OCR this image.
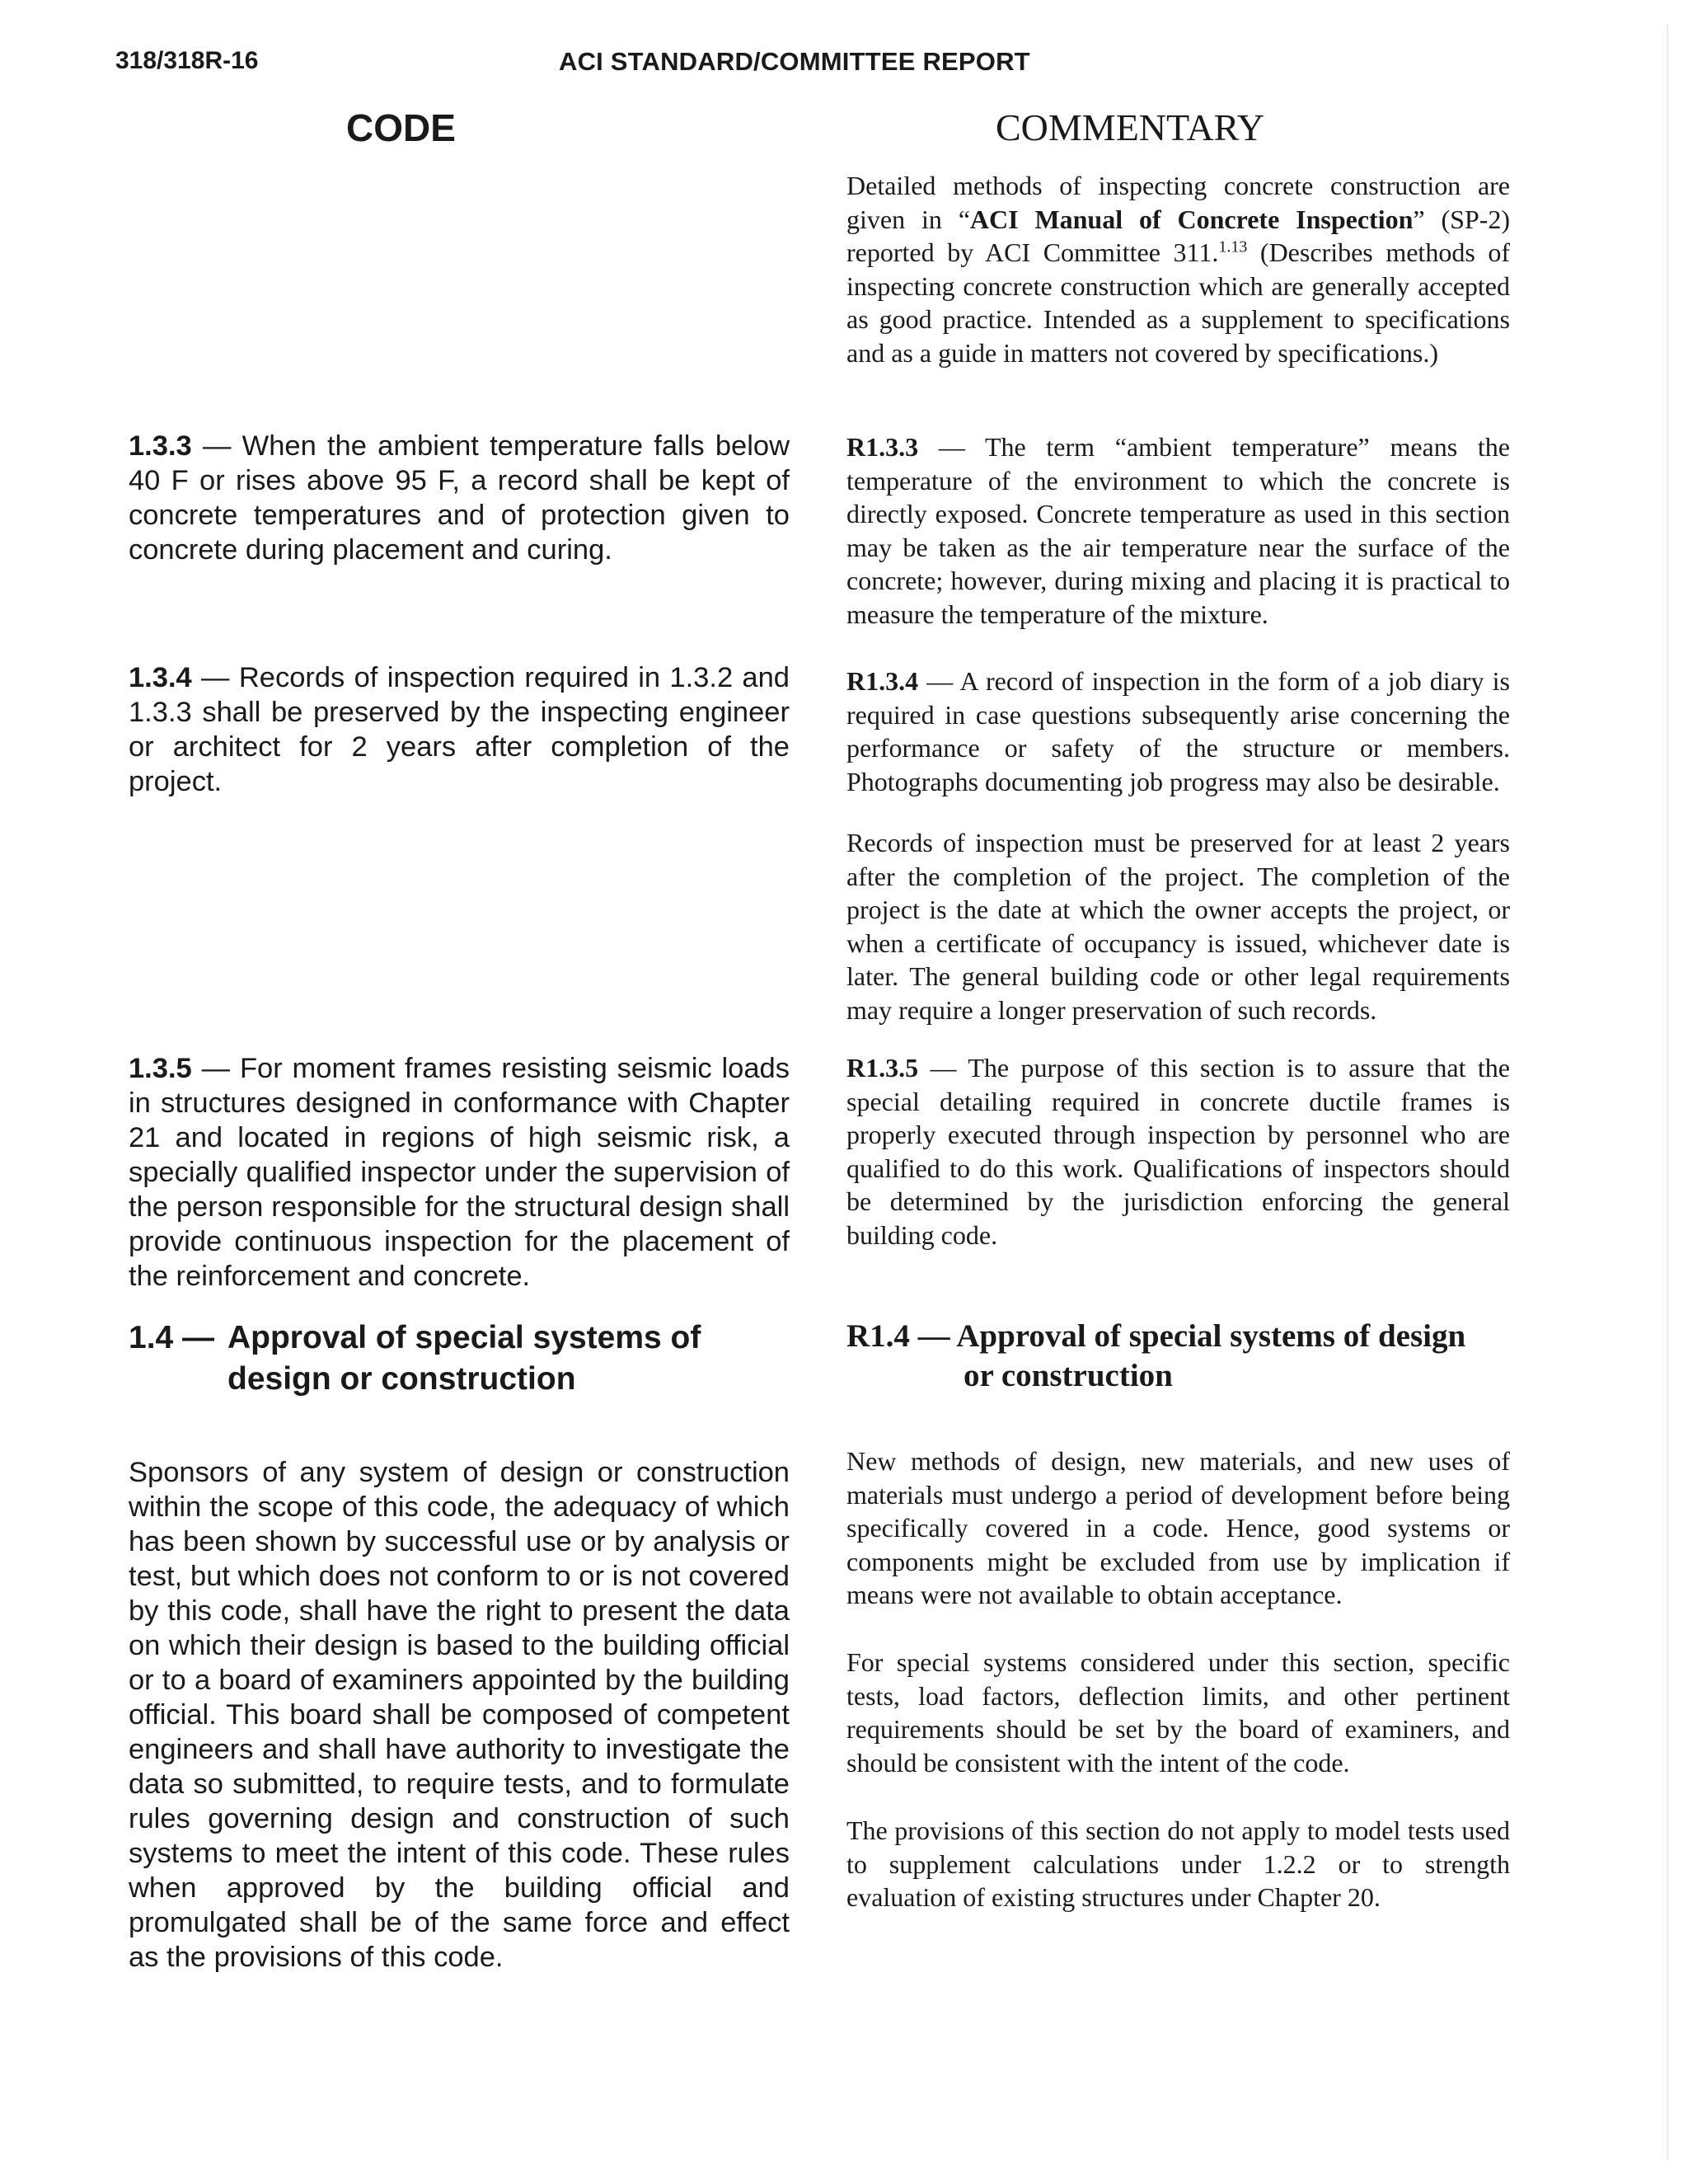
318/318R-16	ACI STANDARD/COMMITTEE REPORT
CODE	COMMENTARY

Detailed methods of inspecting concrete construction are given in “ACI Manual of Concrete Inspection” (SP-2) reported by ACI Committee 311.$^{1.13}$ (Describes methods of inspecting concrete construction which are generally accepted as good practice. Intended as a supplement to specifications and as a guide in matters not covered by specifications.)

1.3.3 — When the ambient temperature falls below 40 F or rises above 95 F, a record shall be kept of concrete temperatures and of protection given to concrete during placement and curing.

R1.3.3 — The term “ambient temperature” means the temperature of the environment to which the concrete is directly exposed. Concrete temperature as used in this section may be taken as the air temperature near the surface of the concrete; however, during mixing and placing it is practical to measure the temperature of the mixture.

1.3.4 — Records of inspection required in 1.3.2 and 1.3.3 shall be preserved by the inspecting engineer or architect for 2 years after completion of the project.

R1.3.4 — A record of inspection in the form of a job diary is required in case questions subsequently arise concerning the performance or safety of the structure or members. Photographs documenting job progress may also be desirable.

Records of inspection must be preserved for at least 2 years after the completion of the project. The completion of the project is the date at which the owner accepts the project, or when a certificate of occupancy is issued, whichever date is later. The general building code or other legal requirements may require a longer preservation of such records.

1.3.5 — For moment frames resisting seismic loads in structures designed in conformance with Chapter 21 and located in regions of high seismic risk, a specially qualified inspector under the supervision of the person responsible for the structural design shall provide continuous inspection for the placement of the reinforcement and concrete.

R1.3.5 — The purpose of this section is to assure that the special detailing required in concrete ductile frames is properly executed through inspection by personnel who are qualified to do this work. Qualifications of inspectors should be determined by the jurisdiction enforcing the general building code.

1.4 — Approval of special systems of
design or construction
R1.4 — Approval of special systems of design
or construction

Sponsors of any system of design or construction within the scope of this code, the adequacy of which has been shown by successful use or by analysis or test, but which does not conform to or is not covered by this code, shall have the right to present the data on which their design is based to the building official or to a board of examiners appointed by the building official. This board shall be composed of competent engineers and shall have authority to investigate the data so submitted, to require tests, and to formulate rules governing design and construction of such systems to meet the intent of this code. These rules when approved by the building official and promulgated shall be of the same force and effect as the provisions of this code.

New methods of design, new materials, and new uses of materials must undergo a period of development before being specifically covered in a code. Hence, good systems or components might be excluded from use by implication if means were not available to obtain acceptance.

For special systems considered under this section, specific tests, load factors, deflection limits, and other pertinent requirements should be set by the board of examiners, and should be consistent with the intent of the code.

The provisions of this section do not apply to model tests used to supplement calculations under 1.2.2 or to strength evaluation of existing structures under Chapter 20.
